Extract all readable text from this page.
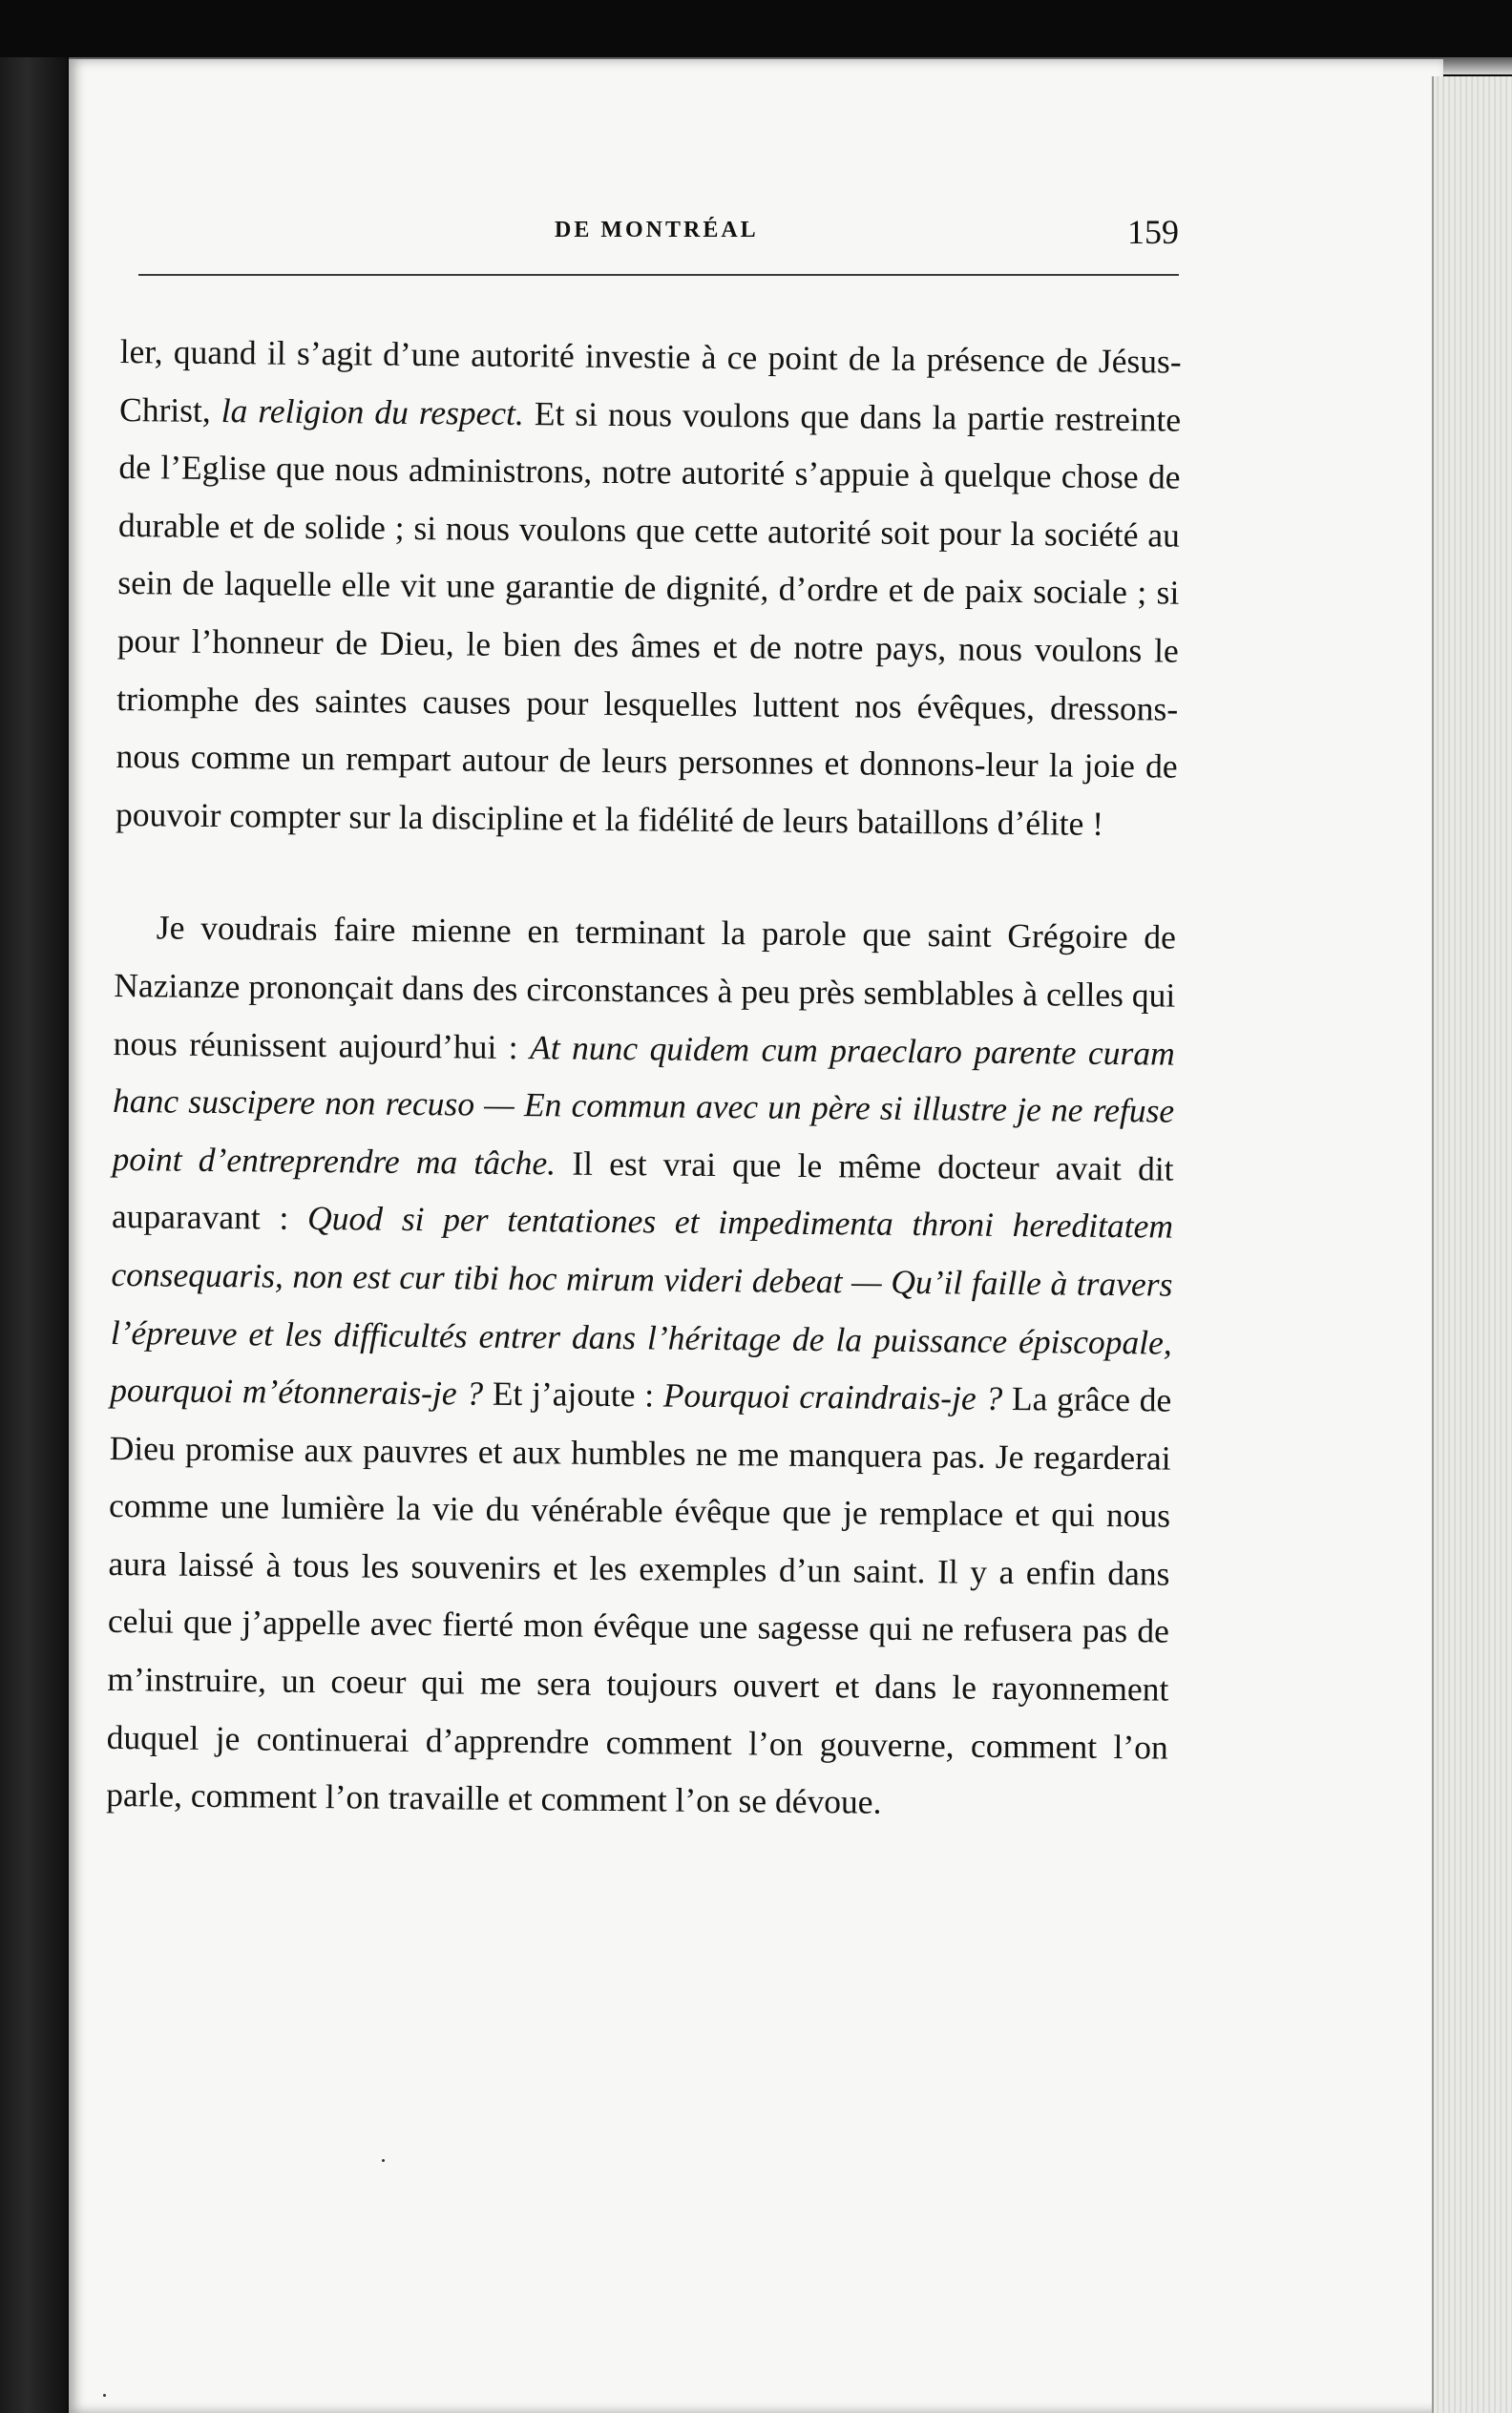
DE MONTRÉAL	159

ler, quand il s’agit d’une autorité investie à ce point de la présence de Jésus-Christ, la religion du respect. Et si nous voulons que dans la partie restreinte de l’Eglise que nous administrons, notre autorité s’appuie à quelque chose de durable et de solide ; si nous voulons que cette autorité soit pour la société au sein de laquelle elle vit une garantie de dignité, d’ordre et de paix sociale ; si pour l’honneur de Dieu, le bien des âmes et de notre pays, nous voulons le triomphe des saintes causes pour lesquelles luttent nos évêques, dressons-nous comme un rempart autour de leurs personnes et donnons-leur la joie de pouvoir compter sur la discipline et la fidélité de leurs bataillons d’élite !

Je voudrais faire mienne en terminant la parole que saint Grégoire de Nazianze prononçait dans des circonstances à peu près semblables à celles qui nous réunissent aujourd’hui : At nunc quidem cum praeclaro parente curam hanc suscipere non recuso — En commun avec un père si illustre je ne refuse point d’entreprendre ma tâche. Il est vrai que le même docteur avait dit auparavant : Quod si per tentationes et impedimenta throni hereditatem consequaris, non est cur tibi hoc mirum videri debeat — Qu’il faille à travers l’épreuve et les difficultés entrer dans l’héritage de la puissance épiscopale, pourquoi m’étonnerais-je ? Et j’ajoute : Pourquoi craindrais-je ? La grâce de Dieu promise aux pauvres et aux humbles ne me manquera pas. Je regarderai comme une lumière la vie du vénérable évêque que je remplace et qui nous aura laissé à tous les souvenirs et les exemples d’un saint. Il y a enfin dans celui que j’appelle avec fierté mon évêque une sagesse qui ne refusera pas de m’instruire, un coeur qui me sera toujours ouvert et dans le rayonnement duquel je continuerai d’apprendre comment l’on gouverne, comment l’on parle, comment l’on travaille et comment l’on se dévoue.
